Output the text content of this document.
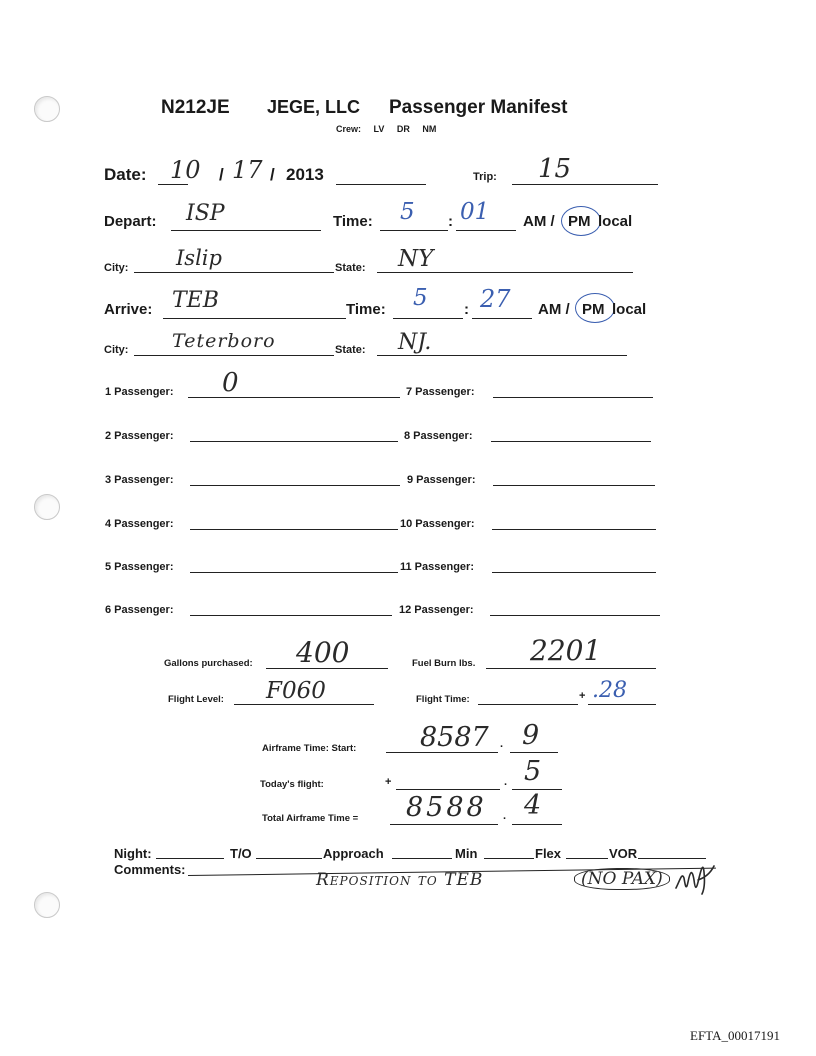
N212JE JEGE, LLC Passenger Manifest
Crew: LV DR NM
Date: 10 / 17 / 2013	Trip: 15
Depart: ISP	Time: 5 : 01 AM / PM local
City: Islip	State: NY
Arrive: TEB	Time: 5 : 27 AM / PM local
City: Teterboro	State: NJ.
1 Passenger: 0
2 Passenger:
3 Passenger:
4 Passenger:
5 Passenger:
6 Passenger:
7 Passenger:
8 Passenger:
9 Passenger:
10 Passenger:
11 Passenger:
12 Passenger:
Gallons purchased: 400	Fuel Burn lbs. 2201
Flight Level: F060	Flight Time:	+ .28
Airframe Time: Start: 8587 . 9
Today's flight:	+	. 5
Total Airframe Time = 8588 . 4
Night:	T/O	Approach	Min	Flex	VOR
Comments:
Reposition to TEB	(NO PAX)
EFTA_00017191
